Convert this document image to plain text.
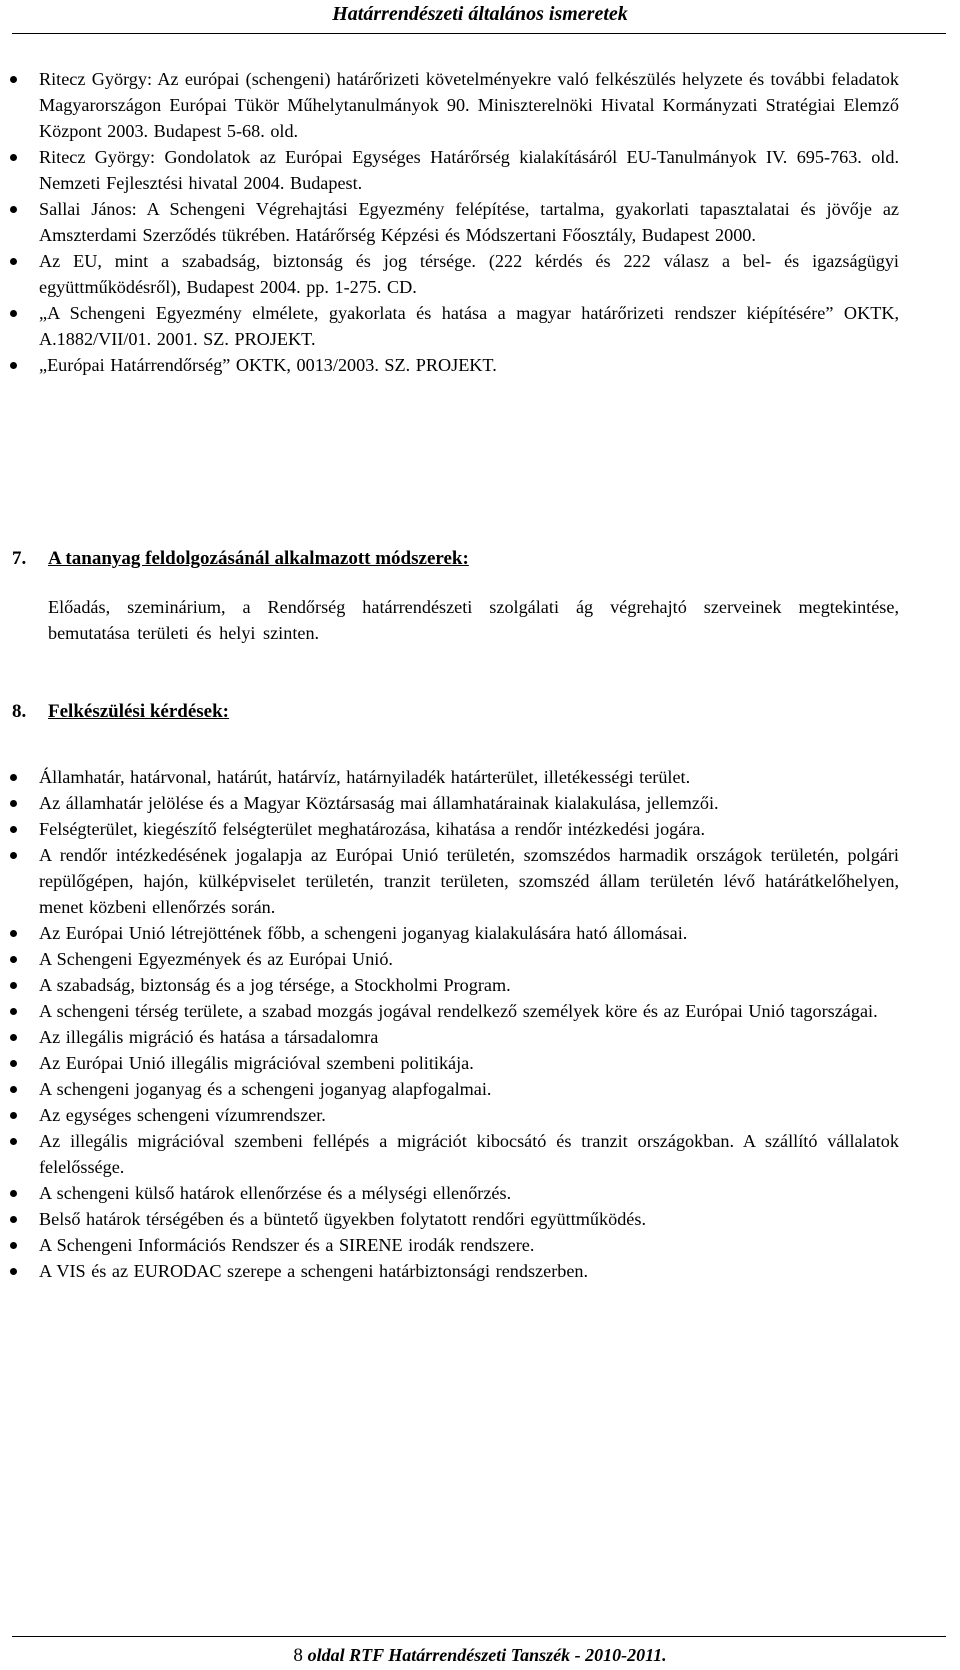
Határrendészeti általános ismeretek
Ritecz György: Az európai (schengeni) határőrizeti követelményekre való felkészülés helyzete és további feladatok Magyarországon Európai Tükör Műhelytanulmányok 90. Miniszterelnöki Hivatal Kormányzati Stratégiai Elemző Központ 2003. Budapest 5-68. old.
Ritecz György: Gondolatok az Európai Egységes Határőrség kialakításáról EU-Tanulmányok IV. 695-763. old. Nemzeti Fejlesztési hivatal 2004. Budapest.
Sallai János: A Schengeni Végrehajtási Egyezmény felépítése, tartalma, gyakorlati tapasztalatai és jövője az Amszterdami Szerződés tükrében. Határőrség Képzési és Módszertani Főosztály, Budapest 2000.
Az EU, mint a szabadság, biztonság és jog térsége. (222 kérdés és 222 válasz a bel- és igazságügyi együttműködésről), Budapest 2004. pp. 1-275. CD.
„A Schengeni Egyezmény elmélete, gyakorlata és hatása a magyar határőrizeti rendszer kiépítésére” OKTK, A.1882/VII/01. 2001. SZ. PROJEKT.
„Európai Határrendőrség” OKTK, 0013/2003. SZ. PROJEKT.
7. A tananyag feldolgozásánál alkalmazott módszerek:
Előadás, szeminárium, a Rendőrség határrendészeti szolgálati ág végrehajtó szerveinek megtekintése, bemutatása területi és helyi szinten.
8. Felkészülési kérdések:
Államhatár, határvonal, határút, határvíz, határnyiladék határterület, illetékességi terület.
Az államhatár jelölése és a Magyar Köztársaság mai államhatárainak kialakulása, jellemzői.
Felségterület, kiegészítő felségterület meghatározása, kihatása a rendőr intézkedési jogára.
A rendőr intézkedésének jogalapja az Európai Unió területén, szomszédos harmadik országok területén, polgári repülőgépen, hajón, külképviselet területén, tranzit területen, szomszéd állam területén lévő határátkelőhelyen, menet közbeni ellenőrzés során.
Az Európai Unió létrejöttének főbb, a schengeni joganyag kialakulására ható állomásai.
A Schengeni Egyezmények és az Európai Unió.
A szabadság, biztonság és a jog térsége, a Stockholmi Program.
A schengeni térség területe, a szabad mozgás jogával rendelkező személyek köre és az Európai Unió tagországai.
Az illegális migráció és hatása a társadalomra
Az Európai Unió illegális migrációval szembeni politikája.
A schengeni joganyag és a schengeni joganyag alapfogalmai.
Az egységes schengeni vízumrendszer.
Az illegális migrációval szembeni fellépés a migrációt kibocsátó és tranzit országokban. A szállító vállalatok felelőssége.
A schengeni külső határok ellenőrzése és a mélységi ellenőrzés.
Belső határok térségében és a büntető ügyekben folytatott rendőri együttműködés.
A Schengeni Információs Rendszer és a SIRENE irodák rendszere.
A VIS és az EURODAC szerepe a schengeni határbiztonsági rendszerben.
8 oldal RTF Határrendészeti Tanszék - 2010-2011.
